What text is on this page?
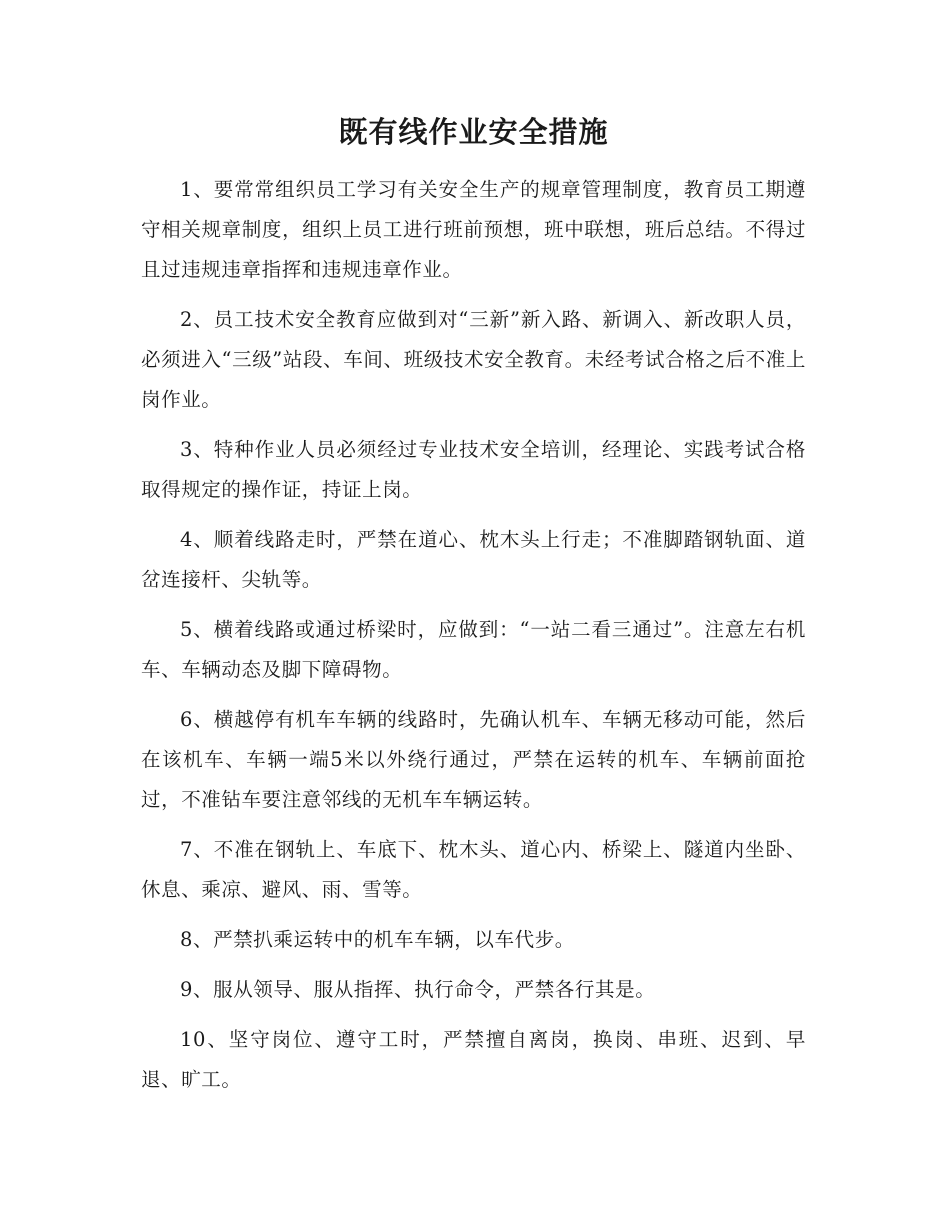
既有线作业安全措施

1、要常常组织员工学习有关安全生产的规章管理制度，教育员工期遵守相关规章制度，组织上员工进行班前预想，班中联想，班后总结。不得过且过违规违章指挥和违规违章作业。

2、员工技术安全教育应做到对“三新”新入路、新调入、新改职人员，必须进入“三级”站段、车间、班级技术安全教育。未经考试合格之后不准上岗作业。

3、特种作业人员必须经过专业技术安全培训，经理论、实践考试合格取得规定的操作证，持证上岗。

4、顺着线路走时，严禁在道心、枕木头上行走；不准脚踏钢轨面、道岔连接杆、尖轨等。

5、横着线路或通过桥梁时，应做到：“一站二看三通过”。注意左右机车、车辆动态及脚下障碍物。

6、横越停有机车车辆的线路时，先确认机车、车辆无移动可能，然后在该机车、车辆一端5米以外绕行通过，严禁在运转的机车、车辆前面抢过，不准钻车要注意邻线的无机车车辆运转。

7、不准在钢轨上、车底下、枕木头、道心内、桥梁上、隧道内坐卧、休息、乘凉、避风、雨、雪等。

8、严禁扒乘运转中的机车车辆，以车代步。

9、服从领导、服从指挥、执行命令，严禁各行其是。

10、坚守岗位、遵守工时，严禁擅自离岗，换岗、串班、迟到、早退、旷工。
